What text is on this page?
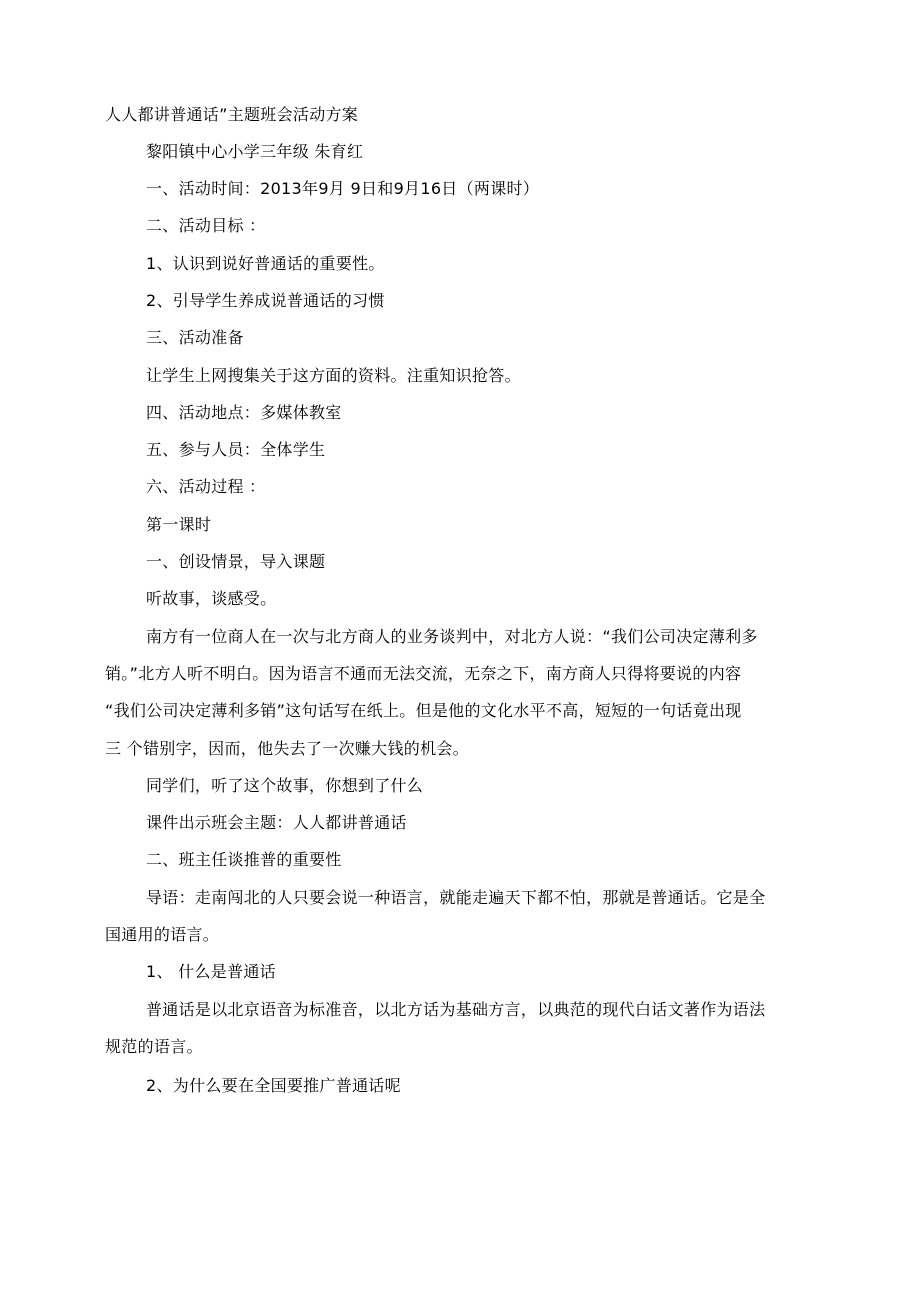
人人都讲普通话”主题班会活动方案
黎阳镇中心小学三年级 朱育红
一、活动时间：2013年9月 9日和9月16日（两课时）
二、活动目标 ：
1、认识到说好普通话的重要性。
2、引导学生养成说普通话的习惯
三、活动准备
让学生上网搜集关于这方面的资料。注重知识抢答。
四、活动地点：多媒体教室
五、参与人员：全体学生
六、活动过程 ：
第一课时
一、创设情景，导入课题
听故事，谈感受。
南方有一位商人在一次与北方商人的业务谈判中，对北方人说：“我们公司决定薄利多
销。”北方人听不明白。因为语言不通而无法交流，无奈之下，南方商人只得将要说的内容
“我们公司决定薄利多销”这句话写在纸上。但是他的文化水平不高，短短的一句话竟出现
三 个错别字，因而，他失去了一次赚大钱的机会。
同学们，听了这个故事，你想到了什么
课件出示班会主题：人人都讲普通话
二、班主任谈推普的重要性
导语：走南闯北的人只要会说一种语言，就能走遍天下都不怕，那就是普通话。它是全
国通用的语言。
1、 什么是普通话
普通话是以北京语音为标准音，以北方话为基础方言，以典范的现代白话文著作为语法
规范的语言。
2、为什么要在全国要推广普通话呢
